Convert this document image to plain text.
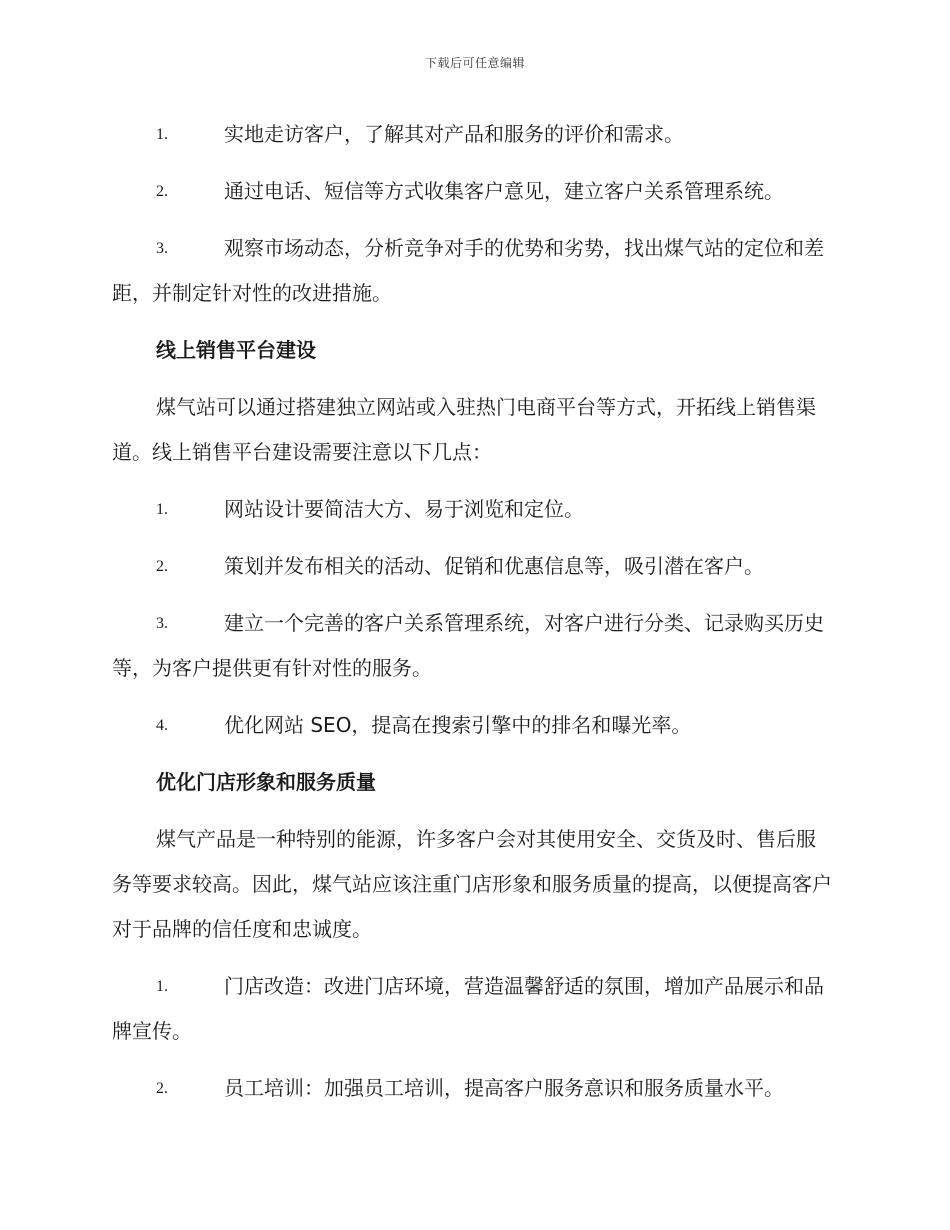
下载后可任意编辑
1.	实地走访客户，了解其对产品和服务的评价和需求。
2.	通过电话、短信等方式收集客户意见，建立客户关系管理系统。
3.	观察市场动态，分析竞争对手的优势和劣势，找出煤气站的定位和差距，并制定针对性的改进措施。
线上销售平台建设
煤气站可以通过搭建独立网站或入驻热门电商平台等方式，开拓线上销售渠道。线上销售平台建设需要注意以下几点：
1.	网站设计要简洁大方、易于浏览和定位。
2.	策划并发布相关的活动、促销和优惠信息等，吸引潜在客户。
3.	建立一个完善的客户关系管理系统，对客户进行分类、记录购买历史等，为客户提供更有针对性的服务。
4.	优化网站 SEO，提高在搜索引擎中的排名和曝光率。
优化门店形象和服务质量
煤气产品是一种特别的能源，许多客户会对其使用安全、交货及时、售后服务等要求较高。因此，煤气站应该注重门店形象和服务质量的提高，以便提高客户对于品牌的信任度和忠诚度。
1.	门店改造：改进门店环境，营造温馨舒适的氛围，增加产品展示和品牌宣传。
2.	员工培训：加强员工培训，提高客户服务意识和服务质量水平。
